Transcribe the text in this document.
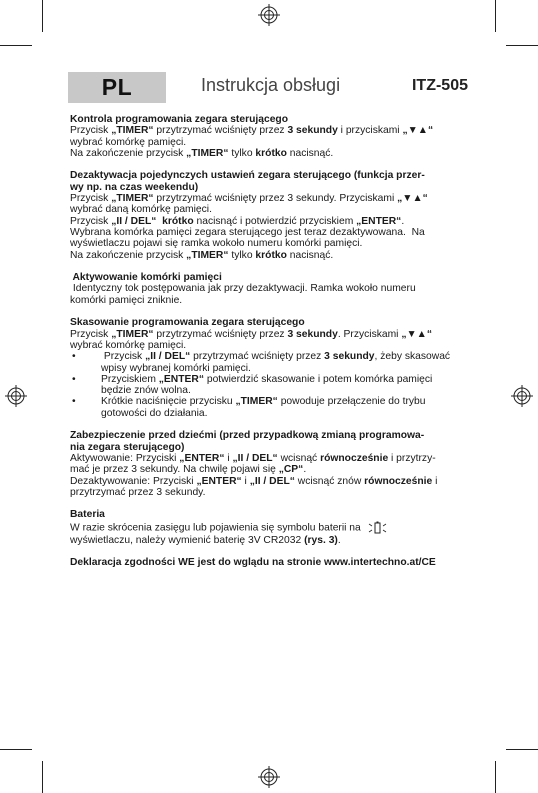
PL	Instrukcja obsługi	ITZ-505

Kontrola programowania zegara sterującego

Przycisk „TIMER“ przytrzymać wciśnięty przez 3 sekundy i przyciskami „▼▲“

wybrać komórkę pamięci.

Na zakończenie przycisk „TIMER“ tylko krótko nacisnąć.

Dezaktywacja pojedynczych ustawień zegara sterującego (funkcja przer-

wy np. na czas weekendu)

Przycisk „TIMER“ przytrzymać wciśnięty przez 3 sekundy. Przyciskami „▼▲“

wybrać daną komórkę pamięci.

Przycisk „II / DEL“ krótko nacisnąć i potwierdzić przyciskiem „ENTER“.

Wybrana komórka pamięci zegara sterującego jest teraz dezaktywowana.  Na

wyświetlaczu pojawi się ramka wokoło numeru komórki pamięci.

Na zakończenie przycisk „TIMER“ tylko krótko nacisnąć.

Aktywowanie komórki pamięci

Identyczny tok postępowania jak przy dezaktywacji. Ramka wokoło numeru

komórki pamięci zniknie.

Skasowanie programowania zegara sterującego

Przycisk „TIMER“ przytrzymać wciśnięty przez 3 sekundy. Przyciskami „▼▲“

wybrać komórkę pamięci.

• Przycisk „II / DEL“ przytrzymać wciśnięty przez 3 sekundy, żeby skasować
wpisy wybranej komórki pamięci.
• Przyciskiem „ENTER“ potwierdzić skasowanie i potem komórka pamięci
będzie znów wolna.
• Krótkie naciśnięcie przycisku „TIMER“ powoduje przełączenie do trybu
gotowości do działania.

Zabezpieczenie przed dziećmi (przed przypadkową zmianą programowa-

nia zegara sterującego)

Aktywowanie: Przyciski „ENTER“ i „II / DEL“ wcisnąć równocześnie i przytrzy-

mać je przez 3 sekundy. Na chwilę pojawi się „CP“.

Dezaktywowanie: Przyciski „ENTER“ i „II / DEL“ wcisnąć znów równocześnie i

przytrzymać przez 3 sekundy.

Bateria

W razie skrócenia zasięgu lub pojawienia się symbolu baterii na

wyświetlaczu, należy wymienić baterię 3V CR2032 (rys. 3).

Deklaracja zgodności WE jest do wglądu na stronie www.intertechno.at/CE
